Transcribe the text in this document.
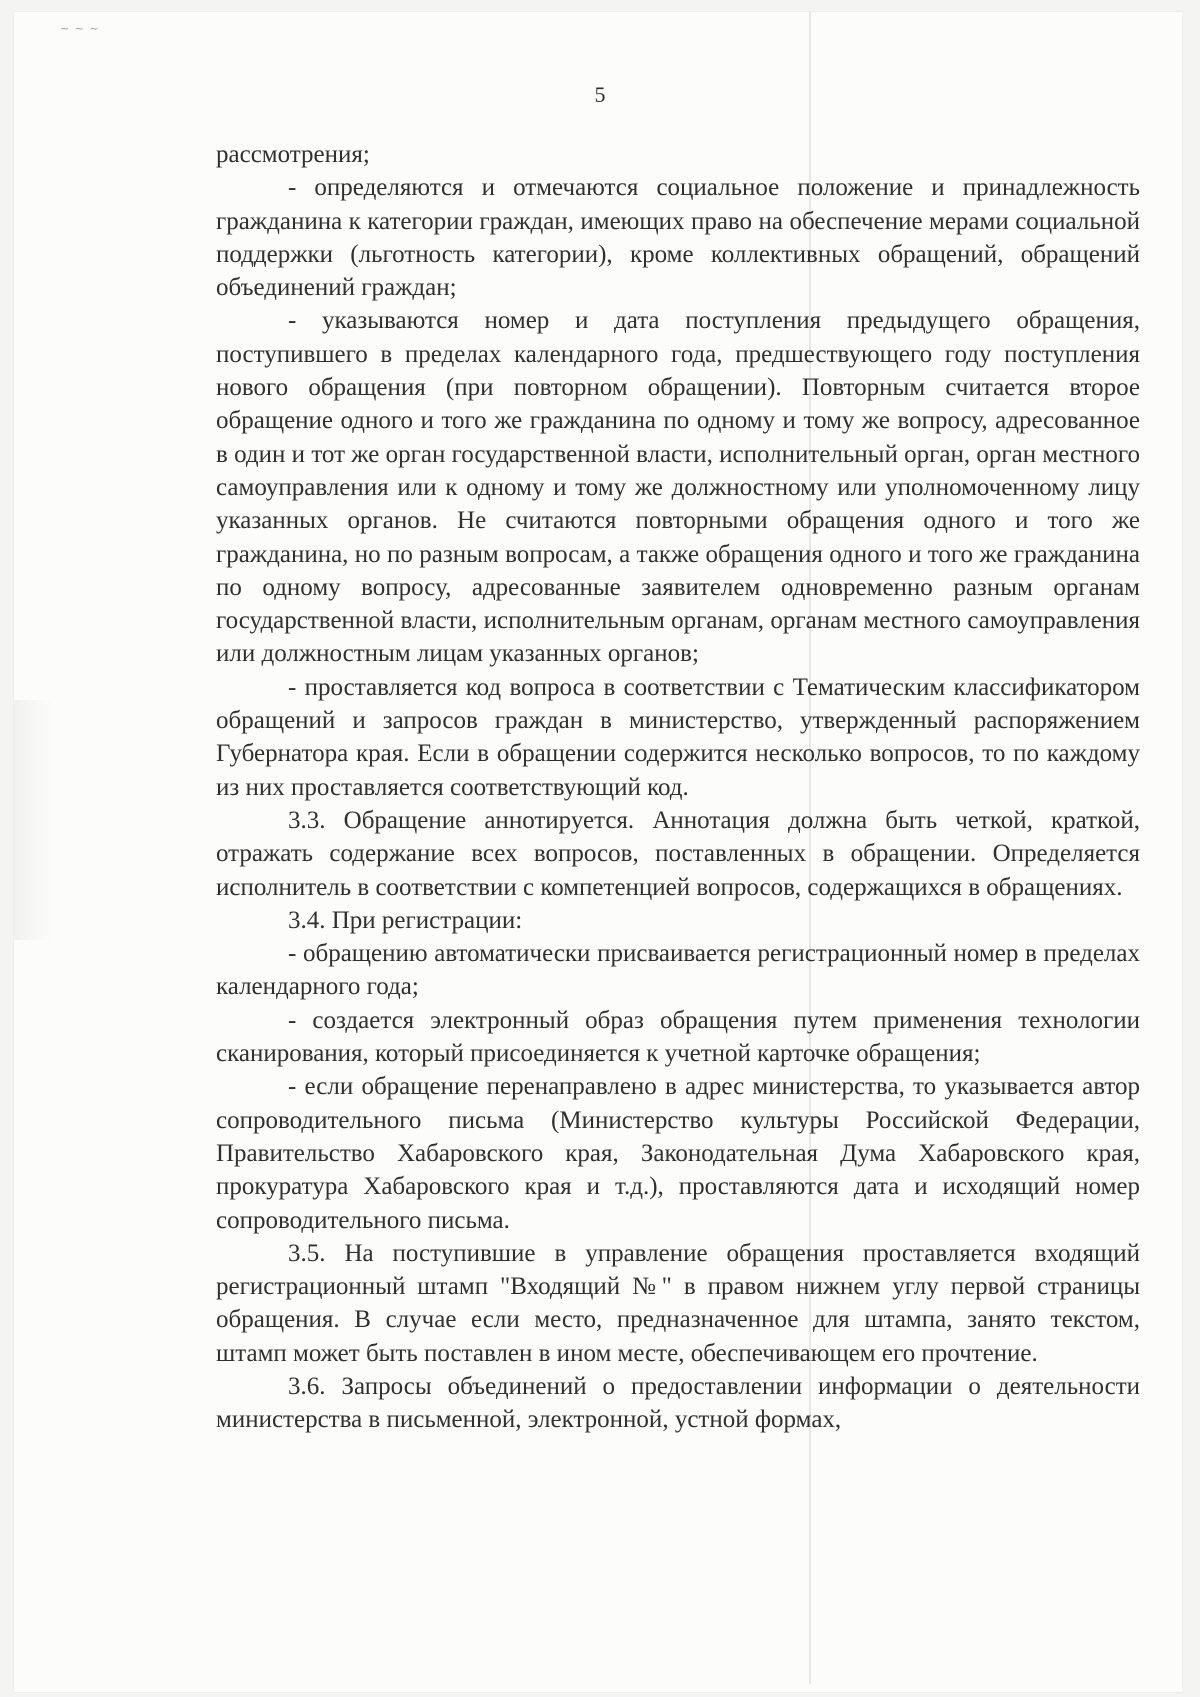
~ ~ ~
5

рассмотрения;

- определяются и отмечаются социальное положение и принадлежность гражданина к категории граждан, имеющих право на обеспечение мерами социальной поддержки (льготность категории), кроме коллективных обращений, обращений объединений граждан;

- указываются номер и дата поступления предыдущего обращения, поступившего в пределах календарного года, предшествующего году поступления нового обращения (при повторном обращении). Повторным считается второе обращение одного и того же гражданина по одному и тому же вопросу, адресованное в один и тот же орган государственной власти, исполнительный орган, орган местного самоуправления или к одному и тому же должностному или уполномоченному лицу указанных органов. Не считаются повторными обращения одного и того же гражданина, но по разным вопросам, а также обращения одного и того же гражданина по одному вопросу, адресованные заявителем одновременно разным органам государственной власти, исполнительным органам, органам местного самоуправления или должностным лицам указанных органов;

- проставляется код вопроса в соответствии с Тематическим классификатором обращений и запросов граждан в министерство, утвержденный распоряжением Губернатора края. Если в обращении содержится несколько вопросов, то по каждому из них проставляется соответствующий код.

3.3. Обращение аннотируется. Аннотация должна быть четкой, краткой, отражать содержание всех вопросов, поставленных в обращении. Определяется исполнитель в соответствии с компетенцией вопросов, содержащихся в обращениях.

3.4. При регистрации:

- обращению автоматически присваивается регистрационный номер в пределах календарного года;

- создается электронный образ обращения путем применения технологии сканирования, который присоединяется к учетной карточке обращения;

- если обращение перенаправлено в адрес министерства, то указывается автор сопроводительного письма (Министерство культуры Российской Федерации, Правительство Хабаровского края, Законодательная Дума Хабаровского края, прокуратура Хабаровского края и т.д.), проставляются дата и исходящий номер сопроводительного письма.

3.5. На поступившие в управление обращения проставляется входящий регистрационный штамп "Входящий №" в правом нижнем углу первой страницы обращения. В случае если место, предназначенное для штампа, занято текстом, штамп может быть поставлен в ином месте, обеспечивающем его прочтение.

3.6. Запросы объединений о предоставлении информации о деятельности министерства в письменной, электронной, устной формах,
